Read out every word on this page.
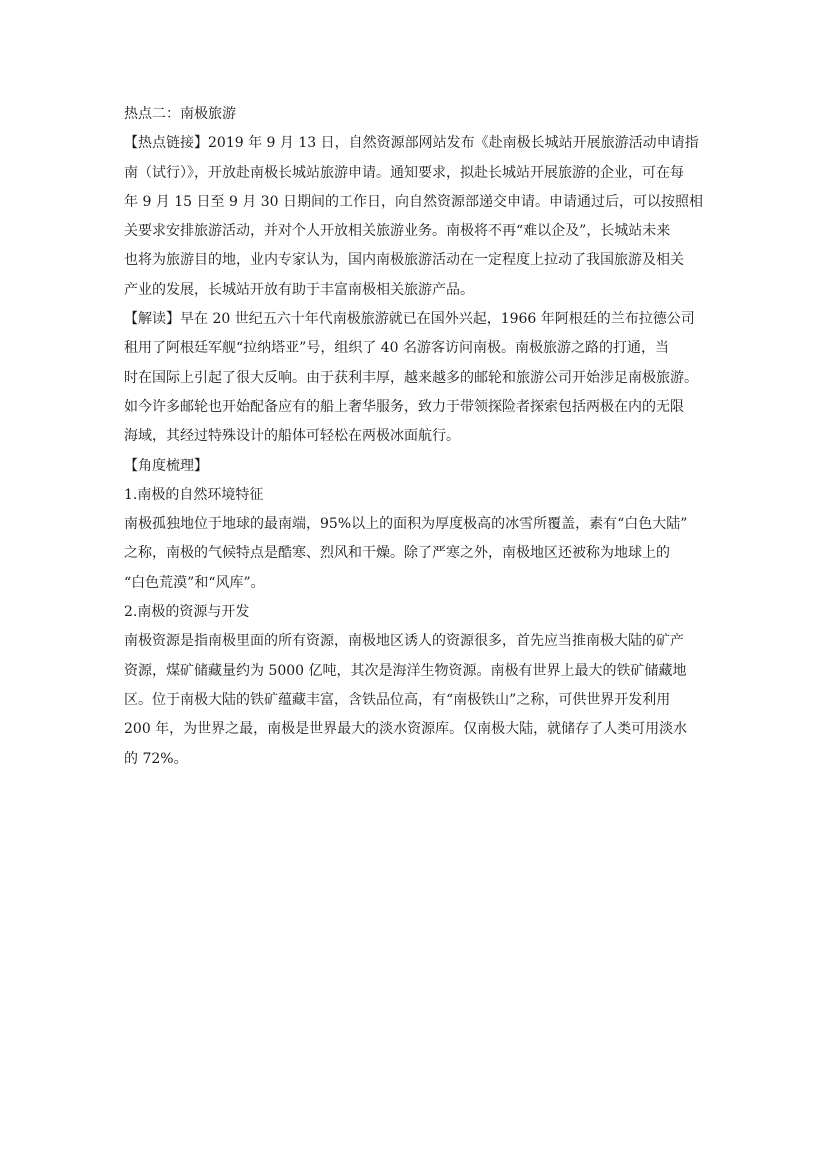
热点二：南极旅游
【热点链接】2019 年 9 月 13 日，自然资源部网站发布《赴南极长城站开展旅游活动申请指
南（试行）》，开放赴南极长城站旅游申请。通知要求，拟赴长城站开展旅游的企业，可在每
年 9 月 15 日至 9 月 30 日期间的工作日，向自然资源部递交申请。申请通过后，可以按照相
关要求安排旅游活动，并对个人开放相关旅游业务。南极将不再“难以企及”，长城站未来
也将为旅游目的地，业内专家认为，国内南极旅游活动在一定程度上拉动了我国旅游及相关
产业的发展，长城站开放有助于丰富南极相关旅游产品。
【解读】早在 20 世纪五六十年代南极旅游就已在国外兴起，1966 年阿根廷的兰布拉德公司
租用了阿根廷军舰“拉纳塔亚”号，组织了 40 名游客访问南极。南极旅游之路的打通，当
时在国际上引起了很大反响。由于获利丰厚，越来越多的邮轮和旅游公司开始涉足南极旅游。
如今许多邮轮也开始配备应有的船上奢华服务，致力于带领探险者探索包括两极在内的无限
海域，其经过特殊设计的船体可轻松在两极冰面航行。
【角度梳理】
1.南极的自然环境特征
南极孤独地位于地球的最南端，95%以上的面积为厚度极高的冰雪所覆盖，素有“白色大陆”
之称，南极的气候特点是酷寒、烈风和干燥。除了严寒之外，南极地区还被称为地球上的
“白色荒漠”和“风库”。
2.南极的资源与开发
南极资源是指南极里面的所有资源，南极地区诱人的资源很多，首先应当推南极大陆的矿产
资源，煤矿储藏量约为 5000 亿吨，其次是海洋生物资源。南极有世界上最大的铁矿储藏地
区。位于南极大陆的铁矿蕴藏丰富，含铁品位高，有“南极铁山”之称，可供世界开发利用
200 年，为世界之最，南极是世界最大的淡水资源库。仅南极大陆，就储存了人类可用淡水
的 72%。
